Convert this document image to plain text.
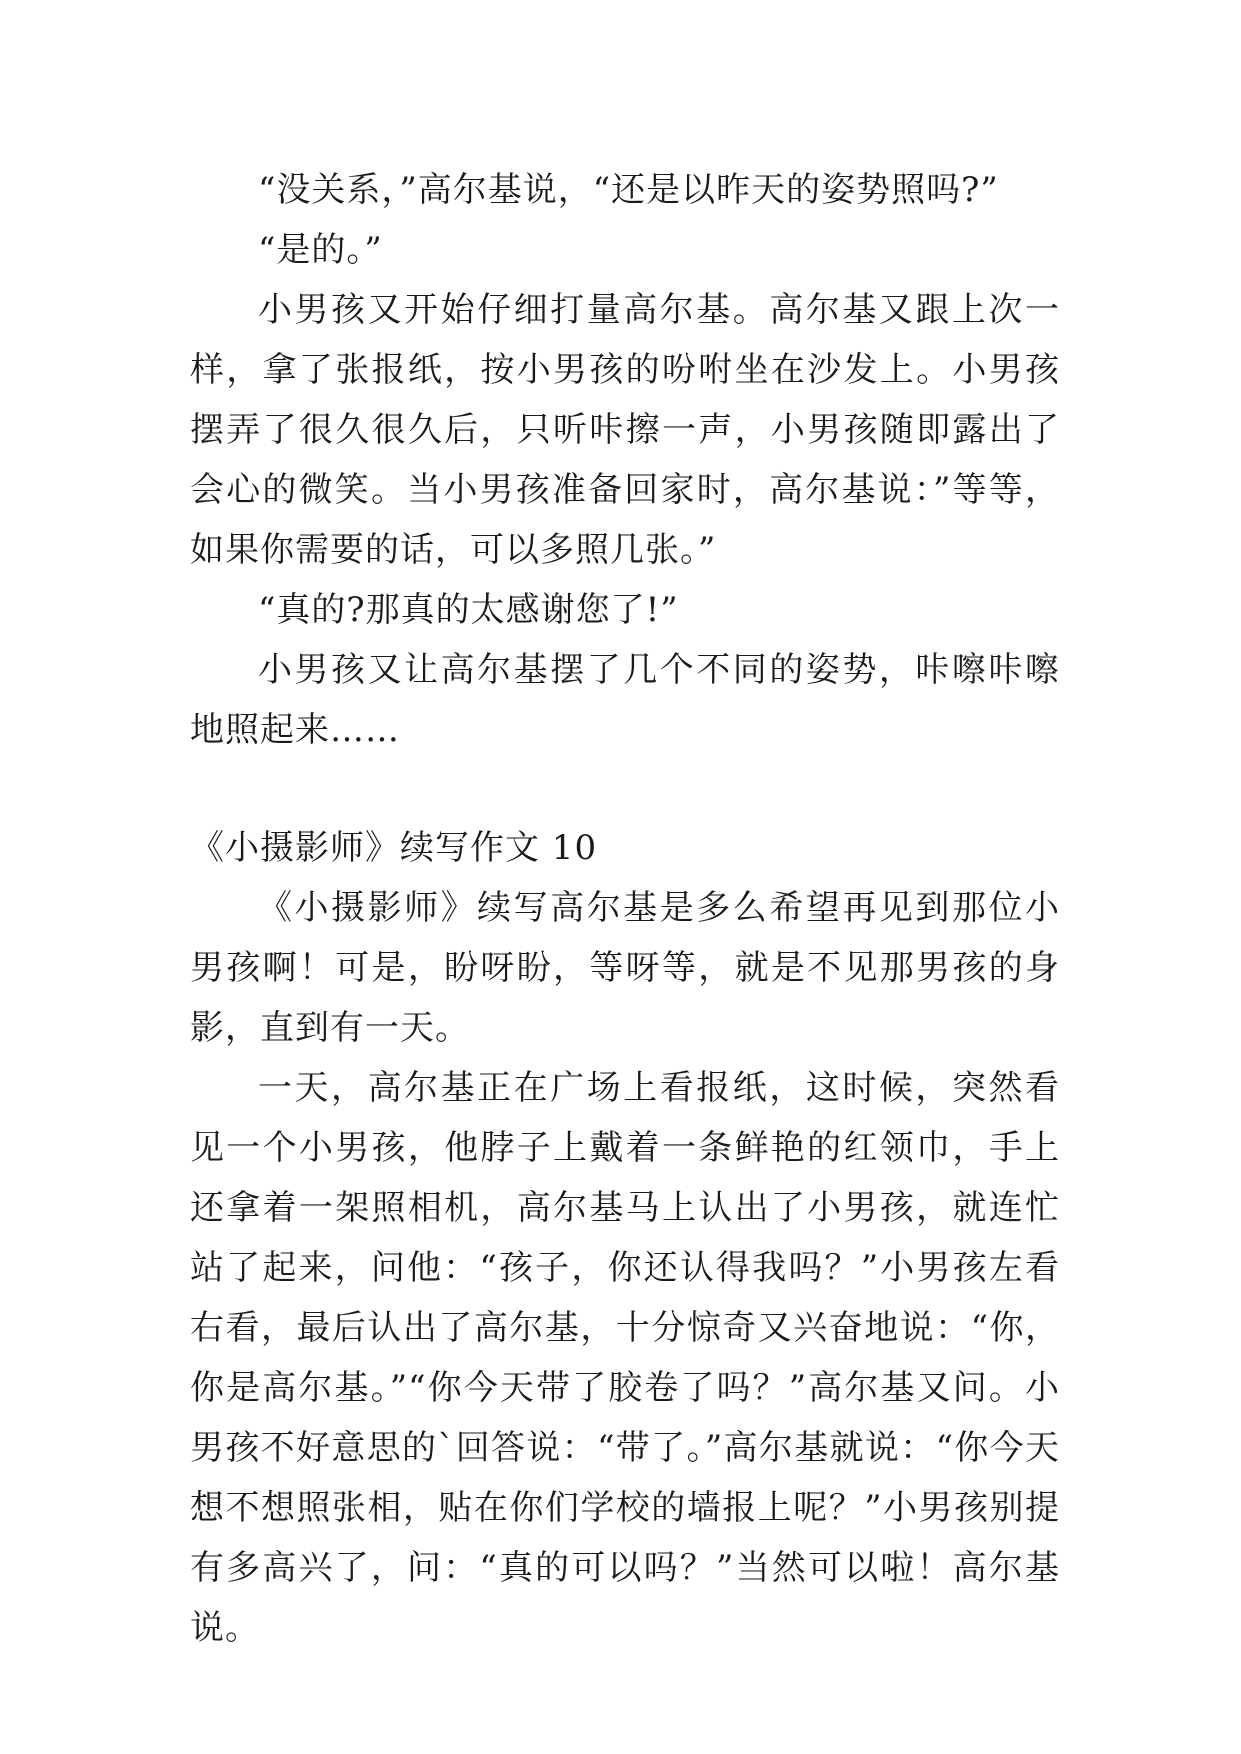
“没关系，”高尔基说，“还是以昨天的姿势照吗?”

“是的。”

小男孩又开始仔细打量高尔基。高尔基又跟上次一样，拿了张报纸，按小男孩的吩咐坐在沙发上。小男孩摆弄了很久很久后，只听咔擦一声，小男孩随即露出了会心的微笑。当小男孩准备回家时，高尔基说：”等等，如果你需要的话，可以多照几张。”

“真的?那真的太感谢您了!”

小男孩又让高尔基摆了几个不同的姿势，咔嚓咔嚓地照起来……

《小摄影师》续写作文 10

《小摄影师》续写高尔基是多么希望再见到那位小男孩啊！可是，盼呀盼，等呀等，就是不见那男孩的身影，直到有一天。

一天，高尔基正在广场上看报纸，这时候，突然看见一个小男孩，他脖子上戴着一条鲜艳的红领巾，手上还拿着一架照相机，高尔基马上认出了小男孩，就连忙站了起来，问他：“孩子，你还认得我吗？”小男孩左看右看，最后认出了高尔基，十分惊奇又兴奋地说：“你，你是高尔基。”“你今天带了胶卷了吗？”高尔基又问。小男孩不好意思的`回答说：“带了。”高尔基就说：“你今天想不想照张相，贴在你们学校的墙报上呢？”小男孩别提有多高兴了，问：“真的可以吗？”当然可以啦！高尔基说。
